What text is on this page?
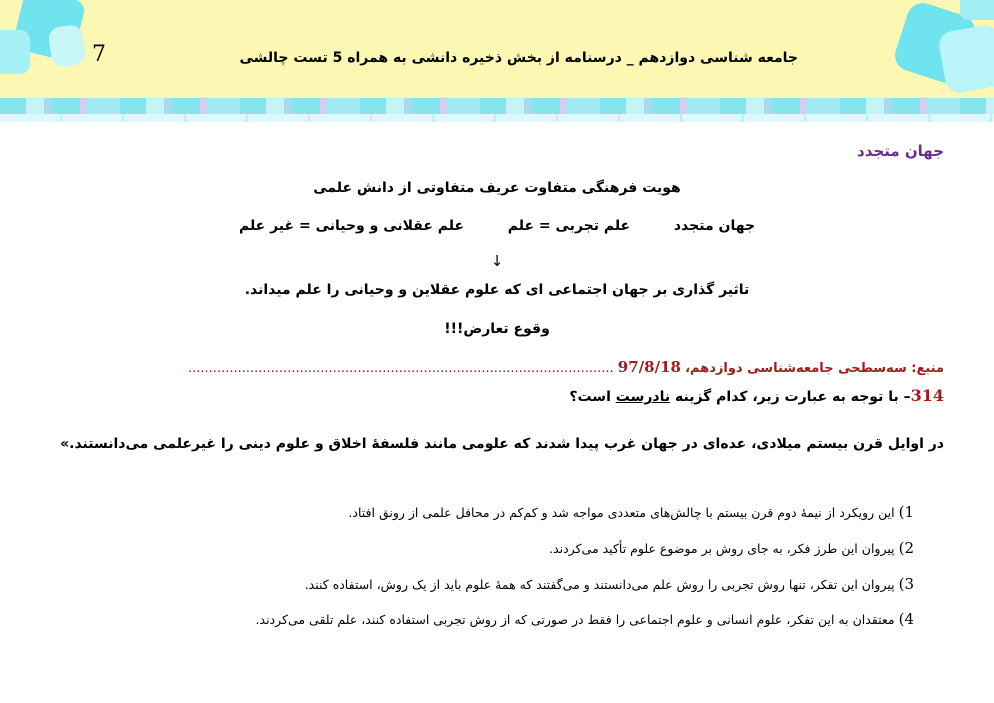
7	جامعه شناسی دوازدهم _ درسنامه از بخش ذخیره دانشی به همراه 5 تست چالشی
جهان متجدد
هویت فرهنگی متفاوت عریف متفاوتی از دانش علمی
جهان متجدد  علم تجربی = علم  علم عقلانی و وحیانی = غیر علم
↓
تاثیر گذاری بر جهان اجتماعی ای که علوم عقلاین و وحیانی را علم میداند.
وقوع تعارض!!!
منبع: سه‌سطحی جامعه‌شناسی دوازدهم، 97/8/18 .......................................................................................................
314– با توجه به عبارت زیر، کدام گزینه نادرست است؟
در اوایل قرن بیستم میلادی، عده‌ای در جهان غرب پیدا شدند که علومی مانند فلسفهٔ اخلاق و علوم دینی را غیرعلمی می‌دانستند.»
1) این رویکرد از نیمهٔ دوم قرن بیستم با چالش‌های متعددی مواجه شد و کم‌کم در محافل علمی از رونق افتاد.
2) پیروان این طرز فکر، به جای روش بر موضوع علوم تأکید می‌کردند.
3) پیروان این تفکر، تنها روش تجربی را روش علم می‌دانستند و می‌گفتند که همهٔ علوم باید از یک روش، استفاده کنند.
4) معتقدان به این تفکر، علوم انسانی و علوم اجتماعی را فقط در صورتی که از روش تجربی استفاده کنند، علم تلقی می‌کردند.
